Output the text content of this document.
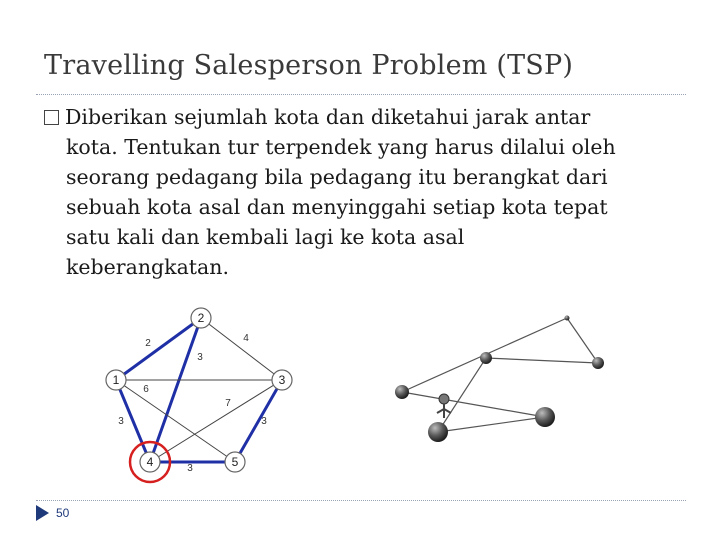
Travelling Salesperson Problem (TSP)
Diberikan sejumlah kota dan diketahui jarak antar
kota. Tentukan tur terpendek yang harus dilalui oleh
seorang pedagang bila pedagang itu berangkat dari
sebuah kota asal dan menyinggahi setiap kota tepat
satu kali dan kembali lagi ke kota asal
keberangkatan.
2	4
3
6
7
3	3
3
1
2
3
4	5
50
